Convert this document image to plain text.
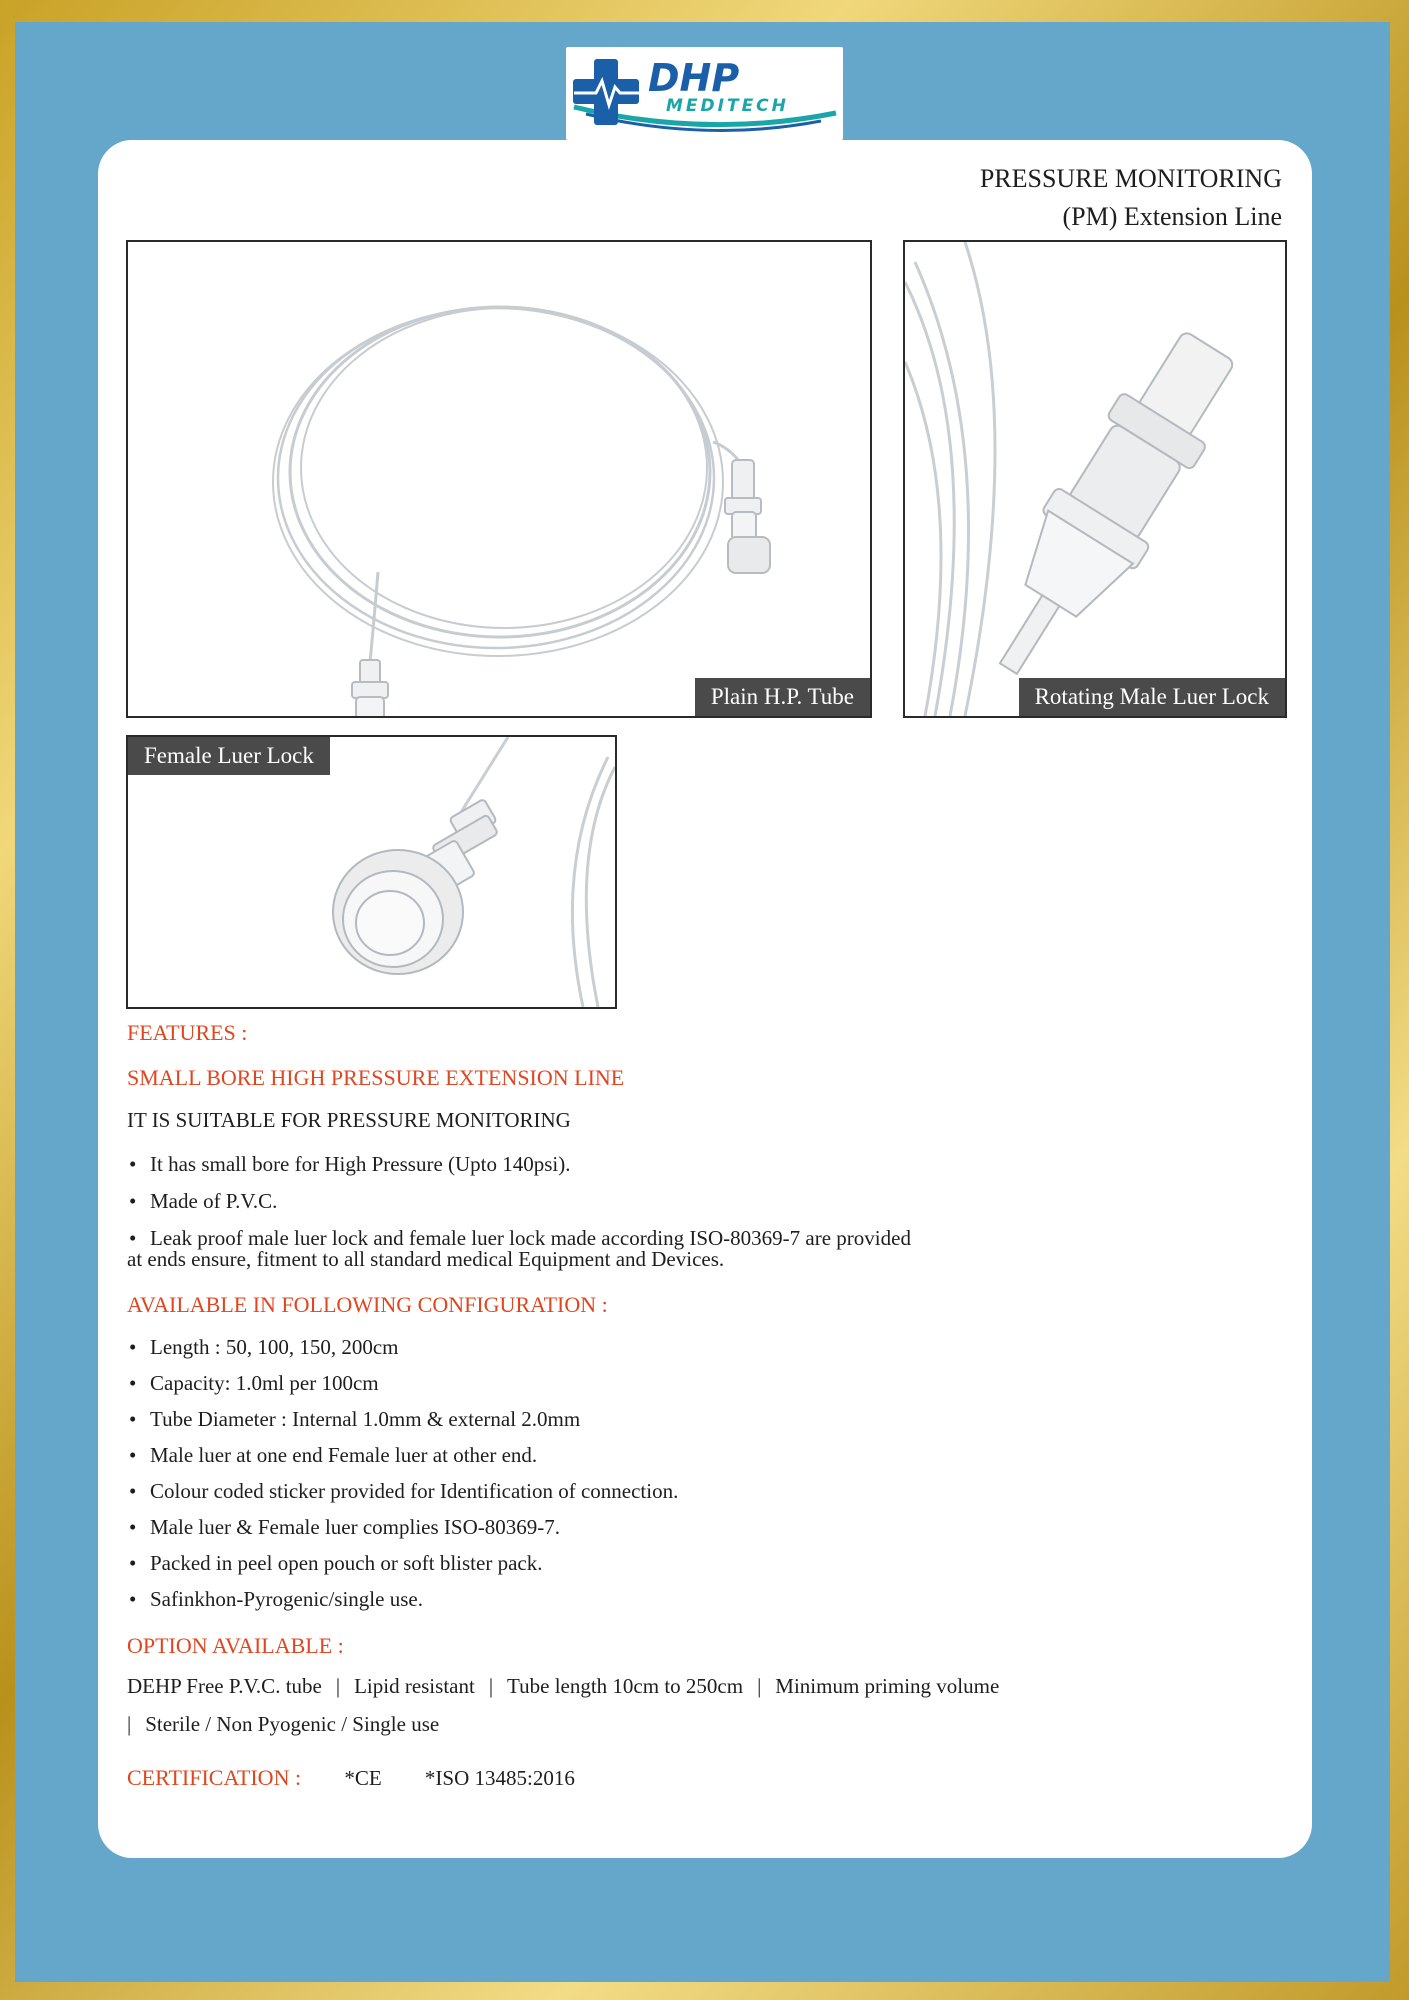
DHP
MEDITECH
PRESSURE MONITORING
(PM) Extension Line
Plain H.P. Tube	Rotating Male Luer Lock
Female Luer Lock
FEATURES :
SMALL BORE HIGH PRESSURE EXTENSION LINE
IT IS SUITABLE FOR PRESSURE MONITORING
• It has small bore for High Pressure (Upto 140psi).
• Made of P.V.C.
• Leak proof male luer lock and female luer lock made according ISO-80369-7 are provided
at ends ensure, fitment to all standard medical Equipment and Devices.
AVAILABLE IN FOLLOWING CONFIGURATION :
• Length : 50, 100, 150, 200cm
• Capacity: 1.0ml per 100cm
• Tube Diameter : Internal 1.0mm & external 2.0mm
• Male luer at one end Female luer at other end.
• Colour coded sticker provided for Identification of connection.
• Male luer & Female luer complies ISO-80369-7.
• Packed in peel open pouch or soft blister pack.
• Safinkhon-Pyrogenic/single use.
OPTION AVAILABLE :
DEHP Free P.V.C. tube | Lipid resistant | Tube length 10cm to 250cm | Minimum priming volume
| Sterile / Non Pyogenic / Single use
CERTIFICATION : *CE *ISO 13485:2016
